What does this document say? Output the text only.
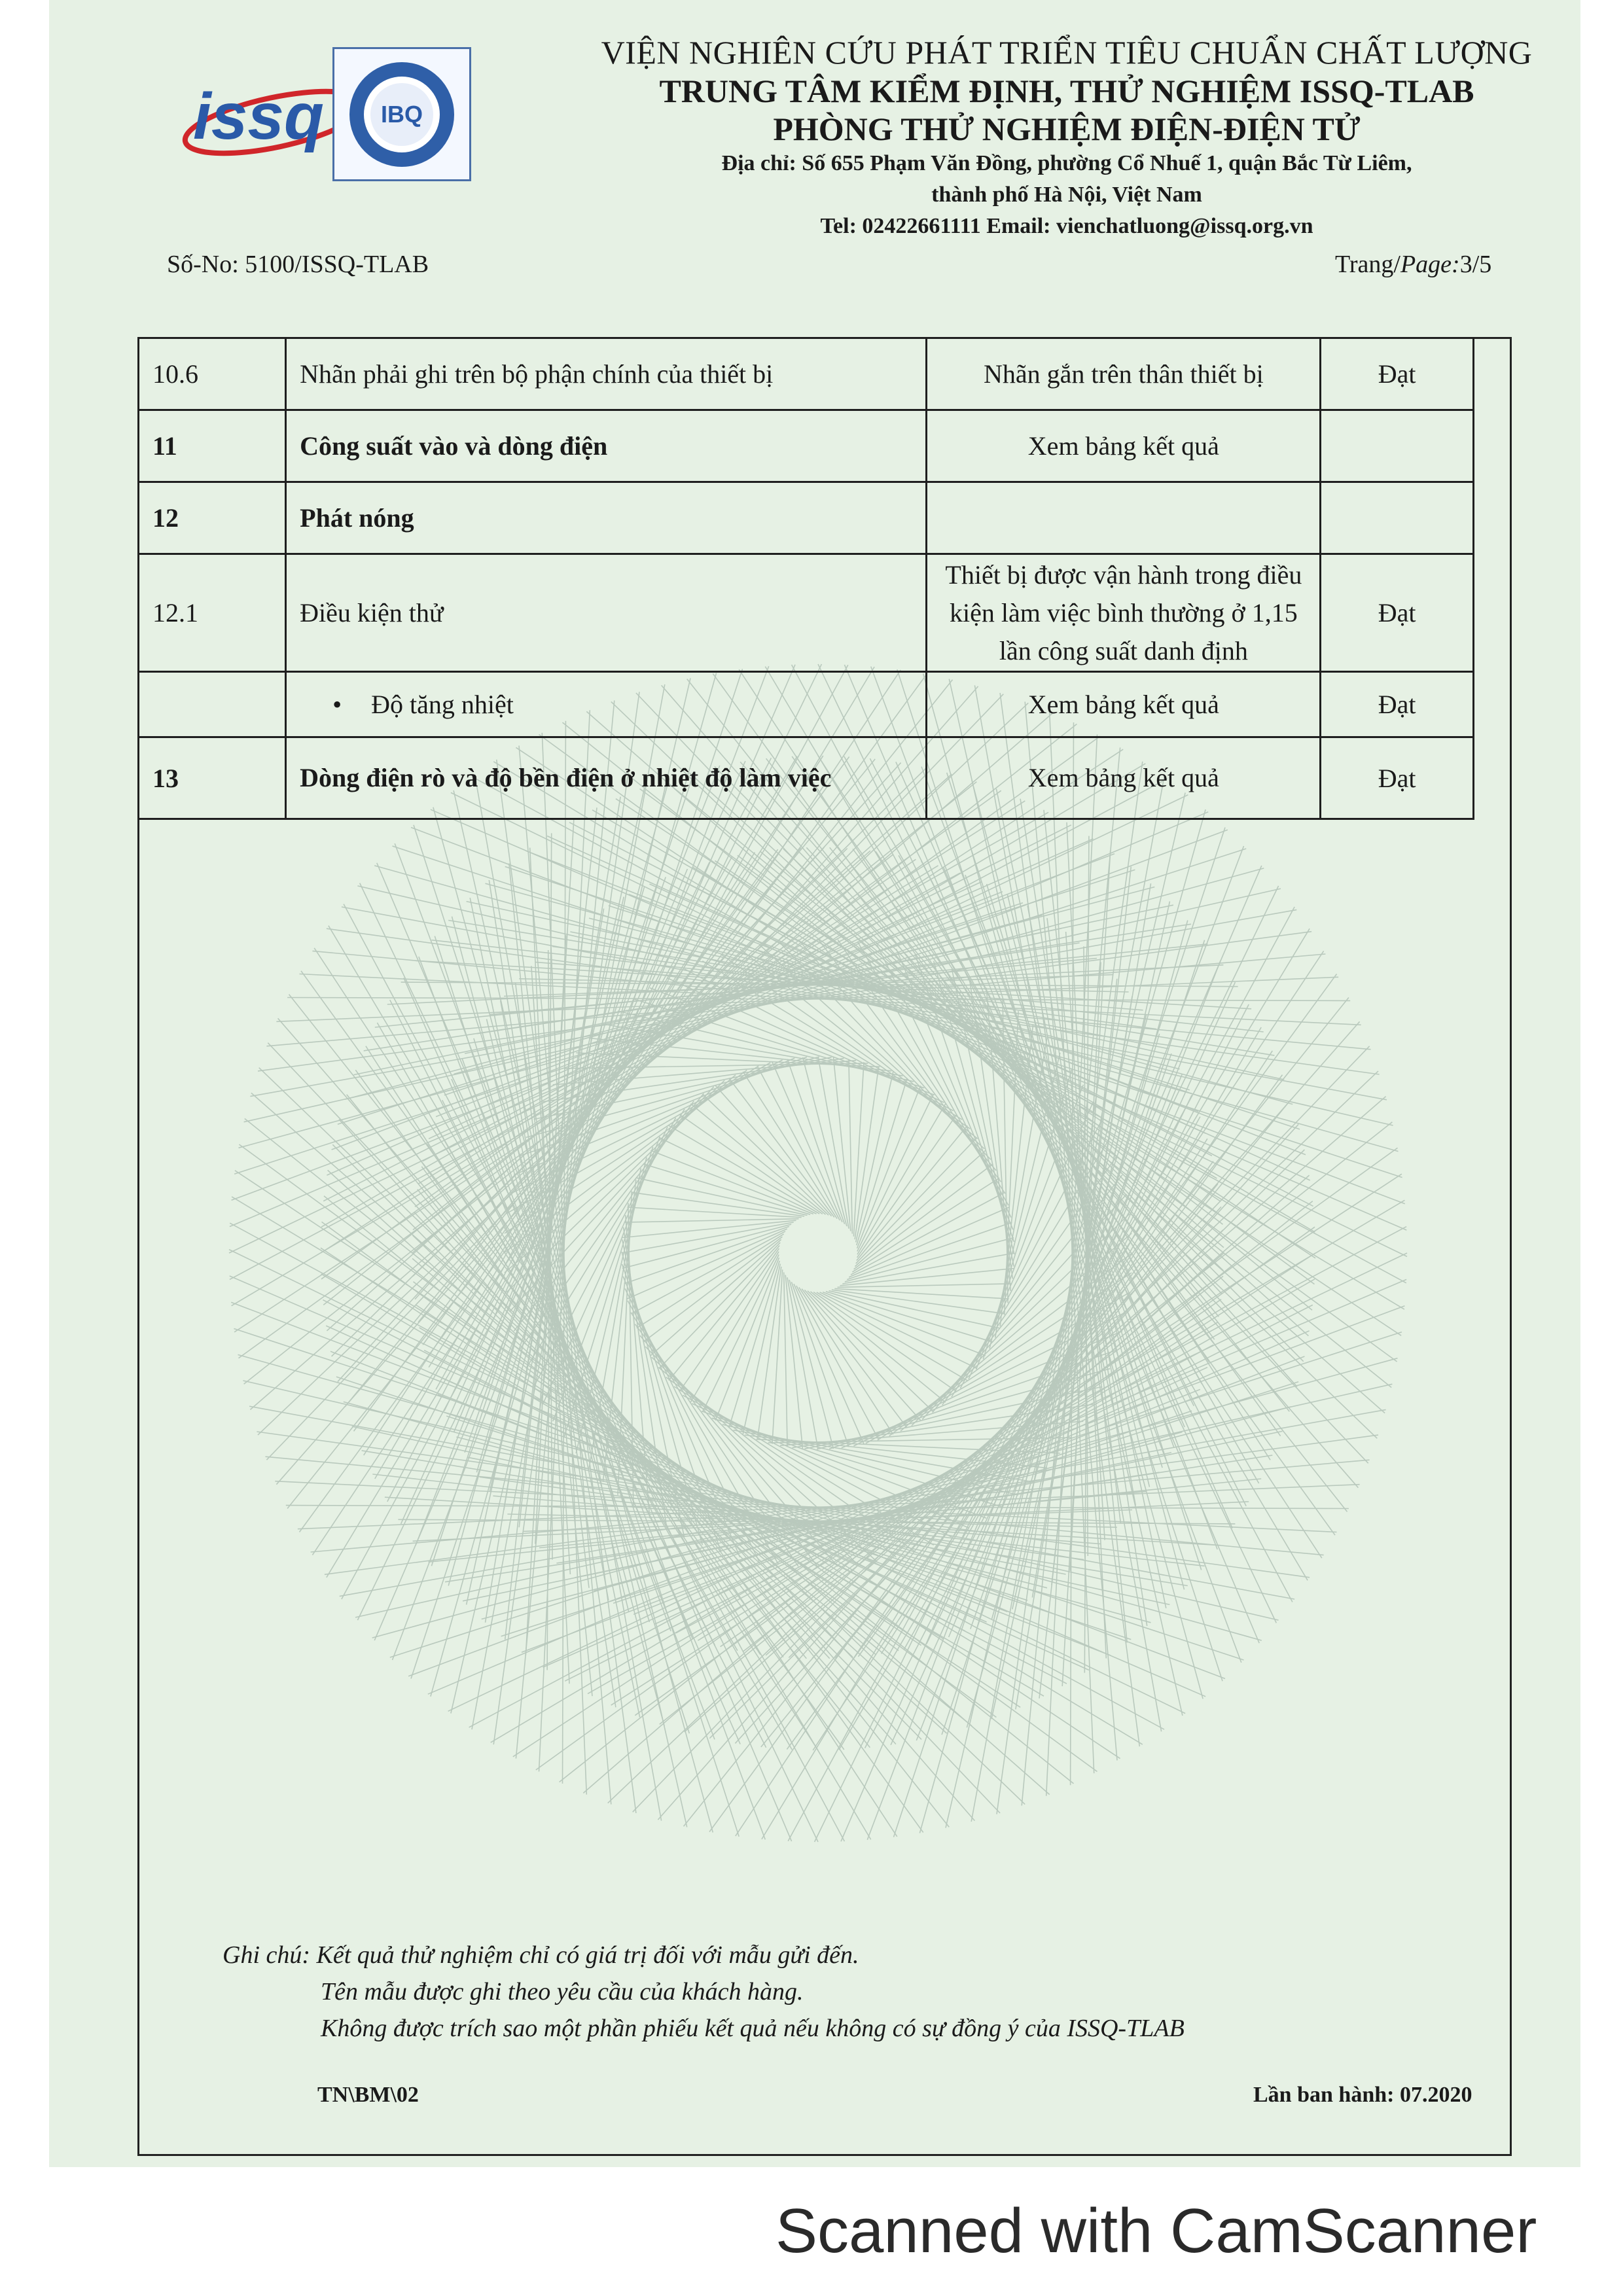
issq IBQ
VIỆN NGHIÊN CỨU PHÁT TRIỂN TIÊU CHUẨN CHẤT LƯỢNG
TRUNG TÂM KIỂM ĐỊNH, THỬ NGHIỆM ISSQ-TLAB
PHÒNG THỬ NGHIỆM ĐIỆN-ĐIỆN TỬ
Địa chỉ: Số 655 Phạm Văn Đồng, phường Cổ Nhuế 1, quận Bắc Từ Liêm,
thành phố Hà Nội, Việt Nam
Tel: 02422661111 Email: vienchatluong@issq.org.vn
Số-No: 5100/ISSQ-TLAB	Trang/Page:3/5
10.6	Nhãn phải ghi trên bộ phận chính của thiết bị	Nhãn gắn trên thân thiết bị	Đạt
11	Công suất vào và dòng điện	Xem bảng kết quả	
12	Phát nóng		
12.1	Điều kiện thử	Thiết bị được vận hành trong điều kiện làm việc bình thường ở 1,15 lần công suất danh định	Đạt
	• Độ tăng nhiệt	Xem bảng kết quả	Đạt
13	Dòng điện rò và độ bền điện ở nhiệt độ làm việc	Xem bảng kết quả	Đạt
Ghi chú: Kết quả thử nghiệm chỉ có giá trị đối với mẫu gửi đến.
Tên mẫu được ghi theo yêu cầu của khách hàng.
Không được trích sao một phần phiếu kết quả nếu không có sự đồng ý của ISSQ-TLAB
TN\BM\02	Lần ban hành: 07.2020
Scanned with CamScanner
